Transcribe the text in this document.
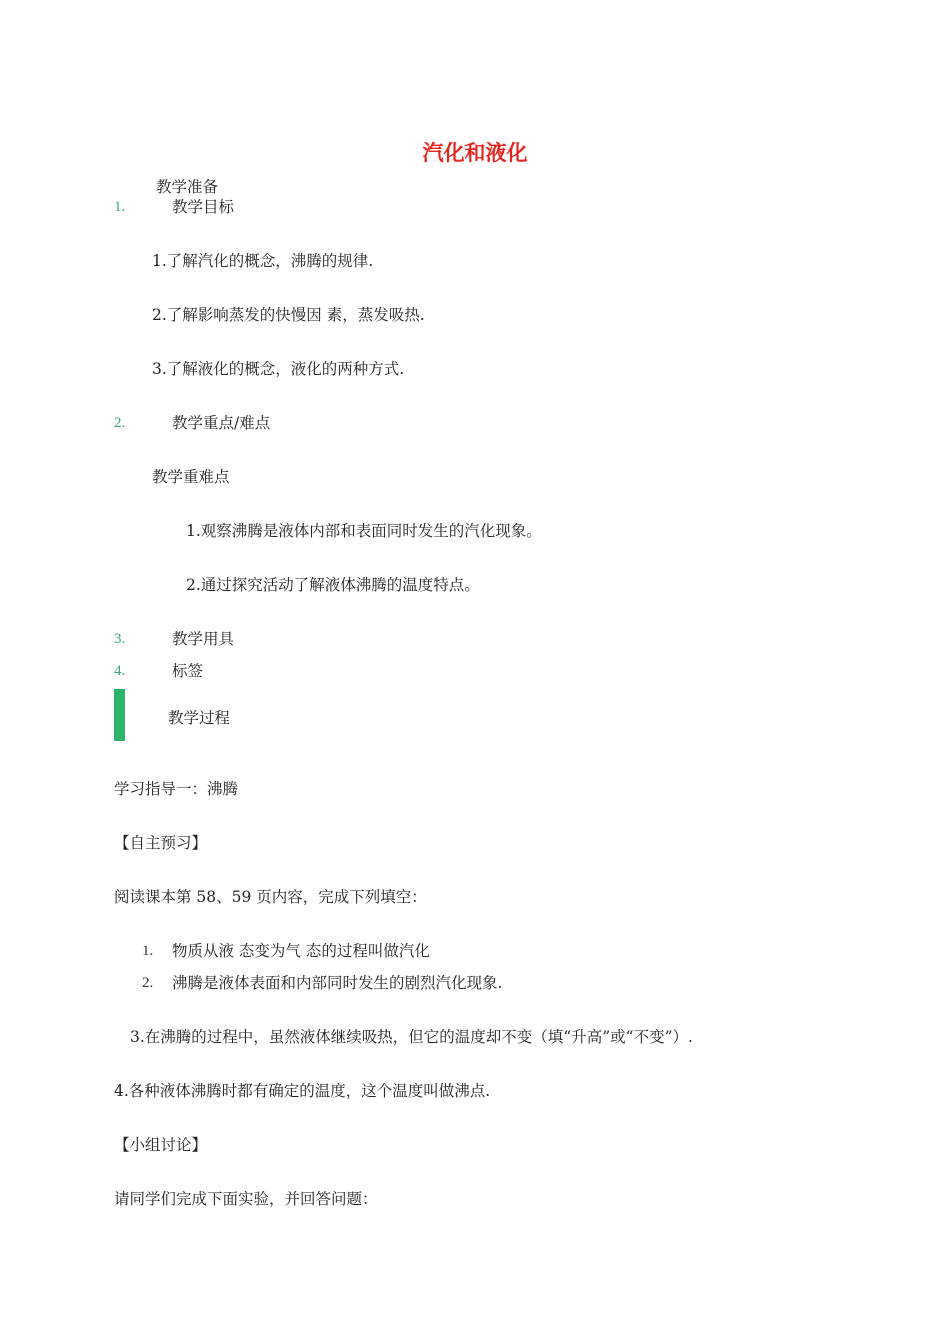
汽化和液化
教学准备
1.	教学目标
1.了解汽化的概念，沸腾的规律.
2.了解影响蒸发的快慢因 素，蒸发吸热.
3.了解液化的概念，液化的两种方式.
2.	教学重点/难点
教学重难点
1.观察沸腾是液体内部和表面同时发生的汽化现象。
2.通过探究活动了解液体沸腾的温度特点。
3.	教学用具
4.	标签
教学过程
学习指导一：沸腾
【自主预习】
阅读课本第 58、59 页内容，完成下列填空：
1. 物质从液 态变为气 态的过程叫做汽化
2. 沸腾是液体表面和内部同时发生的剧烈汽化现象.
3.在沸腾的过程中，虽然液体继续吸热，但它的温度却不变（填“升高”或“不变”）.
4.各种液体沸腾时都有确定的温度，这个温度叫做沸点.
【小组讨论】
请同学们完成下面实验，并回答问题：
